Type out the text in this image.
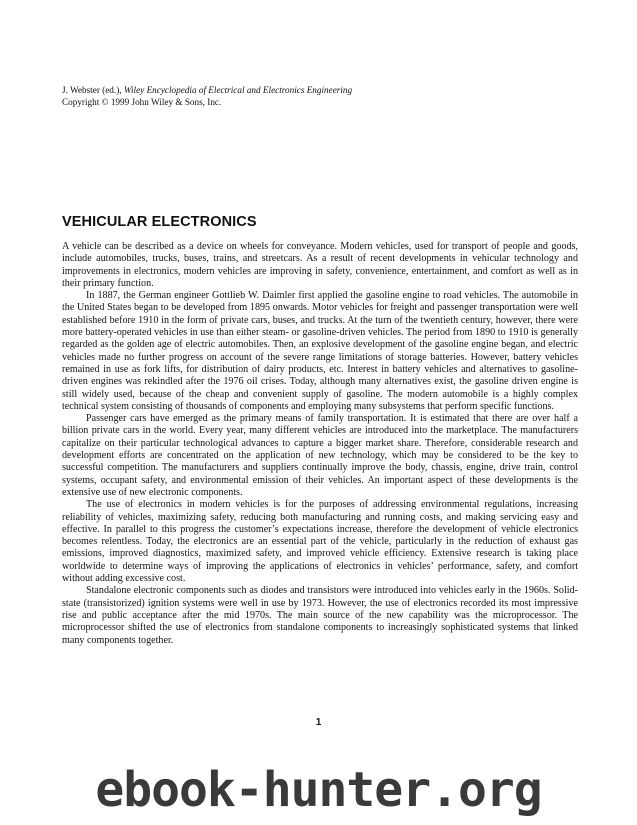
J. Webster (ed.), Wiley Encyclopedia of Electrical and Electronics Engineering
Copyright © 1999 John Wiley & Sons, Inc.
VEHICULAR ELECTRONICS

A vehicle can be described as a device on wheels for conveyance. Modern vehicles, used for transport of people and goods, include automobiles, trucks, buses, trains, and streetcars. As a result of recent developments in vehicular technology and improvements in electronics, modern vehicles are improving in safety, convenience, entertainment, and comfort as well as in their primary function.

In 1887, the German engineer Gottlieb W. Daimler first applied the gasoline engine to road vehicles. The automobile in the United States began to be developed from 1895 onwards. Motor vehicles for freight and passenger transportation were well established before 1910 in the form of private cars, buses, and trucks. At the turn of the twentieth century, however, there were more battery-operated vehicles in use than either steam- or gasoline-driven vehicles. The period from 1890 to 1910 is generally regarded as the golden age of electric automobiles. Then, an explosive development of the gasoline engine began, and electric vehicles made no further progress on account of the severe range limitations of storage batteries. However, battery vehicles remained in use as fork lifts, for distribution of dairy products, etc. Interest in battery vehicles and alternatives to gasoline-driven engines was rekindled after the 1976 oil crises. Today, although many alternatives exist, the gasoline driven engine is still widely used, because of the cheap and convenient supply of gasoline. The modern automobile is a highly complex technical system consisting of thousands of components and employing many subsystems that perform specific functions.

Passenger cars have emerged as the primary means of family transportation. It is estimated that there are over half a billion private cars in the world. Every year, many different vehicles are introduced into the marketplace. The manufacturers capitalize on their particular technological advances to capture a bigger market share. Therefore, considerable research and development efforts are concentrated on the application of new technology, which may be considered to be the key to successful competition. The manufacturers and suppliers continually improve the body, chassis, engine, drive train, control systems, occupant safety, and environmental emission of their vehicles. An important aspect of these developments is the extensive use of new electronic components.

The use of electronics in modern vehicles is for the purposes of addressing environmental regulations, increasing reliability of vehicles, maximizing safety, reducing both manufacturing and running costs, and making servicing easy and effective. In parallel to this progress the customer’s expectations increase, therefore the development of vehicle electronics becomes relentless. Today, the electronics are an essential part of the vehicle, particularly in the reduction of exhaust gas emissions, improved diagnostics, maximized safety, and improved vehicle efficiency. Extensive research is taking place worldwide to determine ways of improving the applications of electronics in vehicles’ performance, safety, and comfort without adding excessive cost.

Standalone electronic components such as diodes and transistors were introduced into vehicles early in the 1960s. Solid-state (transistorized) ignition systems were well in use by 1973. However, the use of electronics recorded its most impressive rise and public acceptance after the mid 1970s. The main source of the new capability was the microprocessor. The microprocessor shifted the use of electronics from standalone components to increasingly sophisticated systems that linked many components together.

1
ebook-hunter.org
